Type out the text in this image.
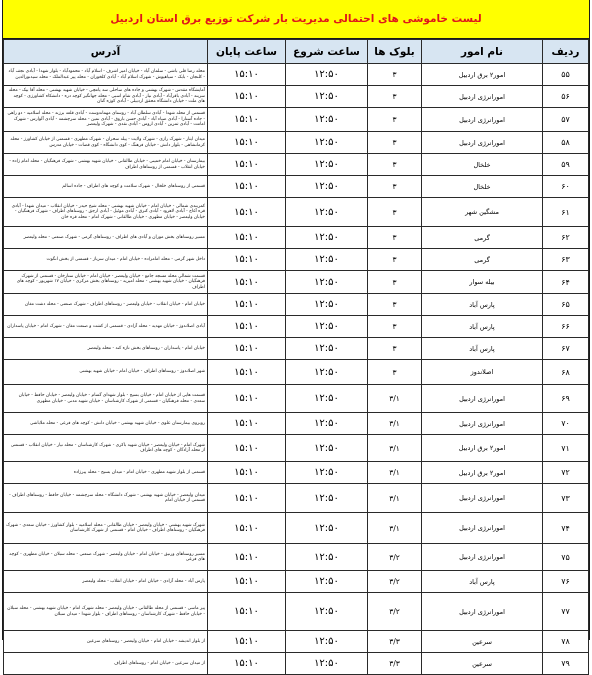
لیست خاموشی های احتمالی مدیریت بار شرکت توزیع برق استان اردبیل
ردیف	نام امور	بلوک ها	ساعت شروع	ساعت پایان	آدرس
۵۵	امور۲ برق اردبیل	۳	۱۲:۵۰	۱۵:۱۰	محله رضا قلی باشی - سلمان آباد - خیابان امیر اشرف - اسلام آباد - محمودآباد - بلوار شهدا - آبادی نجف آباد - کلنجان - بابک - سیاهپوش - شهرک اسلام آباد - آبادی کلخوران - محله پیر عبدالملک - محله سیدنورالدین
۵۶	امورانرژی اردبیل	۳	۱۲:۵۰	۱۵:۱۰	آمایشگاه مقدس - شهرک بهشتی و جاده های ساحلی سد یامچی - خیابان شهید بهشتی - محله آقا بیک - محله سربند - آبادی باقرآباد - آبادی نیار - آبادی شام اسبی - محله جهانگیر کوچه دره - دانشکاه کشاورزی - کوچه های ملت - خیابان دانشگاه محقق اردبیلی - آبادی کوزه گنان
۵۷	امورانرژی اردبیل	۳	۱۲:۵۰	۱۵:۱۰	قسمتی از محله شهدا - آبادی سلطان آباد - روستای مهماندوست - آبادی قلعه برزند - محله اسلامیه - دو راهی - جاده آستارا - آبادی ضیاء آباد - آبادی حسن باروق - آبادی نمین - محله سرچشمه - آبادی آلوارس - شهرک امامت - آبادی ثمرین - آبادی اروس - آبادی نقدی - شهرک ولیعصر
۵۸	امورانرژی اردبیل	۳	۱۲:۵۰	۱۵:۱۰	میدان ایثار - شهرک رازی - شهرک ولایت - پیله سحران - شهرک مطهری - قسمتی از خیابان کشاورز - محله کرمانشاهی - بلوار دانش - خیابان فرهنگ - کوی دانشگاه - کوی قضات - خیابان مدرس
۵۹	خلخال	۳	۱۲:۵۰	۱۵:۱۰	بیمارستان - خیابان امام خمینی - خیابان طالقانی - خیابان شهید بهشتی - شهرک فرهنگیان - محله امام زاده - خیابان انقلاب - قسمتی از روستاهای اطراف
۶۰	خلخال	۳	۱۲:۵۰	۱۵:۱۰	قسمتی از روستاهای خلخال - شهرک سلامت و کوچه های اطراف - جاده اسالم
۶۱	مشگین شهر	۳	۱۲:۵۰	۱۵:۱۰	کمربندی شمالی - خیابان امام - خیابان شهید بهشتی - محله شیخ حیدر - خیابان انقلاب - میدان شهدا - آبادی قره آغاج - آبادی لاهرود - آبادی کنزق - آبادی موئیل - آبادی ارجق - روستاهای اطراف - شهرک فرهنگیان - خیابان ولیعصر - خیابان مطهری - خیابان طالقانی - شهرک امام - محله قره خان
۶۲	گرمی	۳	۱۲:۵۰	۱۵:۱۰	مسیر روستاهای بخش موران و آبادی های اطراف - روستاهای گرمی - شهرک صنعتی - محله ولیعصر
۶۳	گرمی	۳	۱۲:۵۰	۱۵:۱۰	داخل شهر گرمی - محله امامزاده - خیابان امام - میدان سرباز - قسمتی از بخش انگوت
۶۴	بیله سوار	۳	۱۲:۵۰	۱۵:۱۰	قسمت شمالی محله مسجد جامع - خیابان ولیعصر - خیابان امام - خیابان ستارخان - قسمتی از شهرک فرهنگیان - خیابان شهید بهشتی - محله امیریه - روستاهای بخش مرکزی - خیابان ۱۷ شهریور - کوچه های اطراف
۶۵	پارس آباد	۳	۱۲:۵۰	۱۵:۱۰	خیابان امام - خیابان انقلاب - خیابان ولیعصر - روستاهای اطراف - شهرک صنعتی - محله دشت مغان
۶۶	پارس آباد	۳	۱۲:۵۰	۱۵:۱۰	آبادی اصلاندوز - خیابان مهدیه - محله آزادی - قسمتی از کشت و صنعت مغان - شهرک امام - خیابان پاسداران
۶۷	پارس آباد	۳	۱۲:۵۰	۱۵:۱۰	خیابان امام - پاسداران - روستاهای بخش تازه کند - محله ولیعصر
۶۸	اصلاندوز	۳	۱۲:۵۰	۱۵:۱۰	شهر اصلاندوز - روستاهای اطراف - خیابان امام - خیابان شهید بهشتی
۶۹	امورانرژی اردبیل	۳/۱	۱۲:۵۰	۱۵:۱۰	قسمت هایی از خیابان امام - خیابان بسیج - بلوار شهدای گمنام - خیابان ولیعصر - خیابان حافظ - خیابان سعدی - محله فرهنگیان - قسمتی از شهرک کارشناسان - خیابان شهید مدنی - خیابان مطهری
۷۰	امورانرژی اردبیل	۳/۱	۱۲:۵۰	۱۵:۱۰	روبروی بیمارستان علوی - خیابان شهید بهشتی - خیابان دانش - کوچه های فرعی - محله ملاباشی
۷۱	امور۲ برق اردبیل	۳/۱	۱۲:۵۰	۱۵:۱۰	شهرک امام - خیابان ولیعصر - خیابان شهید باکری - شهرک کارشناسان - محله نیار - خیابان انقلاب - قسمتی از محله آزادگان - کوچه های اطراف
۷۲	امور۲ برق اردبیل	۳/۱	۱۲:۵۰	۱۵:۱۰	قسمتی از بلوار شهید مطهری - خیابان امام - میدان بسیج - محله پیرزاده
۷۳	امورانرژی اردبیل	۳/۱	۱۲:۵۰	۱۵:۱۰	میدان ولیعصر - خیابان شهید بهشتی - شهرک دانشگاه - محله سرچشمه - خیابان حافظ - روستاهای اطراف - قسمتی از خیابان امام
۷۴	امورانرژی اردبیل	۳/۱	۱۲:۵۰	۱۵:۱۰	شهرک شهید بهشتی - خیابان ولیعصر - خیابان طالقانی - محله اسلامیه - بلوار کشاورز - خیابان سعدی - شهرک فرهنگیان - روستاهای اطراف - خیابان امام - قسمتی از شهرک کارشناسان
۷۵	امورانرژی اردبیل	۳/۲	۱۲:۵۰	۱۵:۱۰	مسیر روستاهای ورنیق - خیابان امام - خیابان ولیعصر - شهرک صنعتی - محله سبلان - خیابان مطهری - کوچه های فرعی
۷۶	پارس آباد	۳/۲	۱۲:۵۰	۱۵:۱۰	پارس آباد - محله آزادی - خیابان امام - خیابان انقلاب - محله ولیعصر
۷۷	امورانرژی اردبیل	۳/۲	۱۲:۵۰	۱۵:۱۰	پیر ماسی - قسمتی از محله طالقانی - خیابان ولیعصر - محله شهرک امام - خیابان شهید بهشتی - محله سبلان - خیابان حافظ - شهرک کارشناسان - روستاهای اطراف - بلوار شهدا - میدان سبلان
۷۸	سرعین	۳/۳	۱۲:۵۰	۱۵:۱۰	از بلوار اندیشه - خیابان امام - خیابان ولیعصر - روستاهای سرعین
۷۹	سرعین	۳/۳	۱۲:۵۰	۱۵:۱۰	از میدان سرعین - خیابان امام - روستاهای اطراف
